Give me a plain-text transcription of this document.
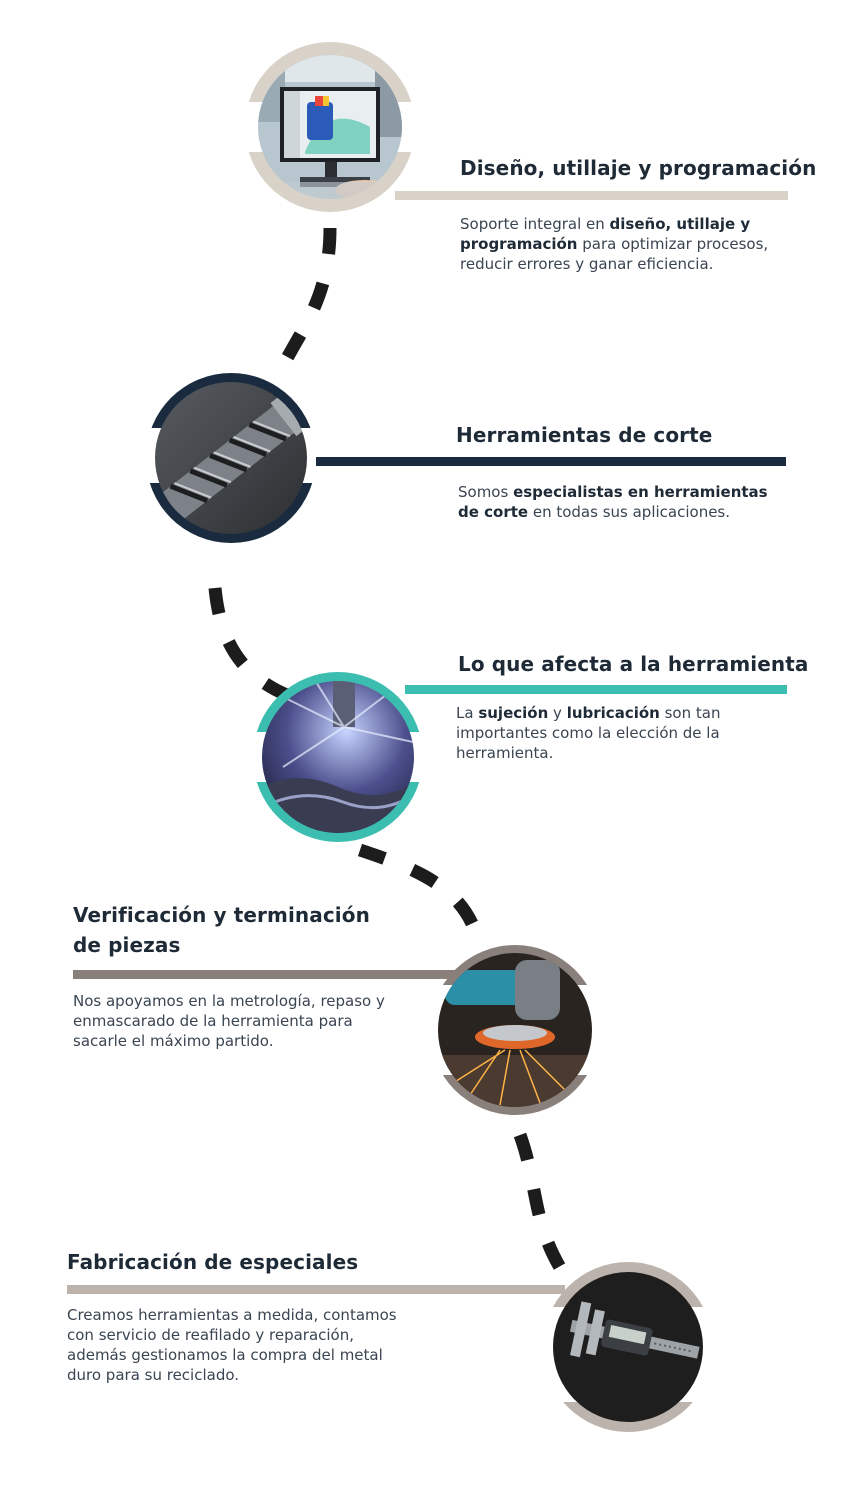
Diseño, utillaje y programación
Soporte integral en diseño, utillaje y programación para optimizar procesos, reducir errores y ganar eficiencia.
Herramientas de corte
Somos especialistas en herramientas de corte en todas sus aplicaciones.
Lo que afecta a la herramienta
La sujeción y lubricación son tan importantes como la elección de la herramienta.
Verificación y terminación
de piezas
Nos apoyamos en la metrología, repaso y enmascarado de la herramienta para sacarle el máximo partido.
Fabricación de especiales
Creamos herramientas a medida, contamos con servicio de reafilado y reparación, además gestionamos la compra del metal duro para su reciclado.
